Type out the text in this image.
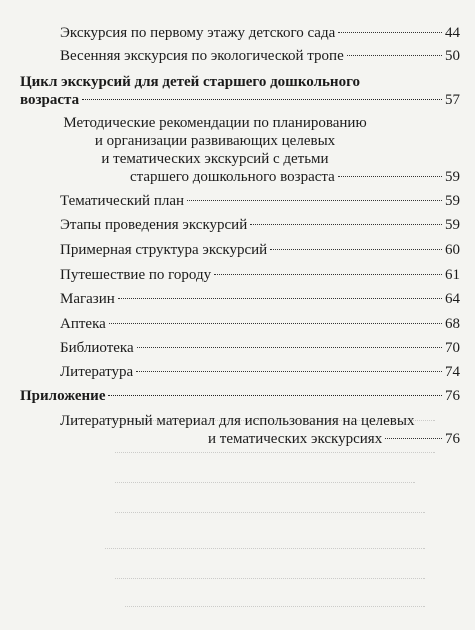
Экскурсия по первому этажу детского сада	44
Весенняя экскурсия по экологической тропе	50
Цикл экскурсий для детей старшего дошкольного
возраста	57
Методические рекомендации по планированию
и организации развивающих целевых
и тематических экскурсий с детьми
старшего дошкольного возраста	59
Тематический план	59
Этапы проведения экскурсий	59
Примерная структура экскурсий	60
Путешествие по городу	61
Магазин	64
Аптека	68
Библиотека	70
Литература	74
Приложение	76
Литературный материал для использования на целевых
и тематических экскурсиях	76
